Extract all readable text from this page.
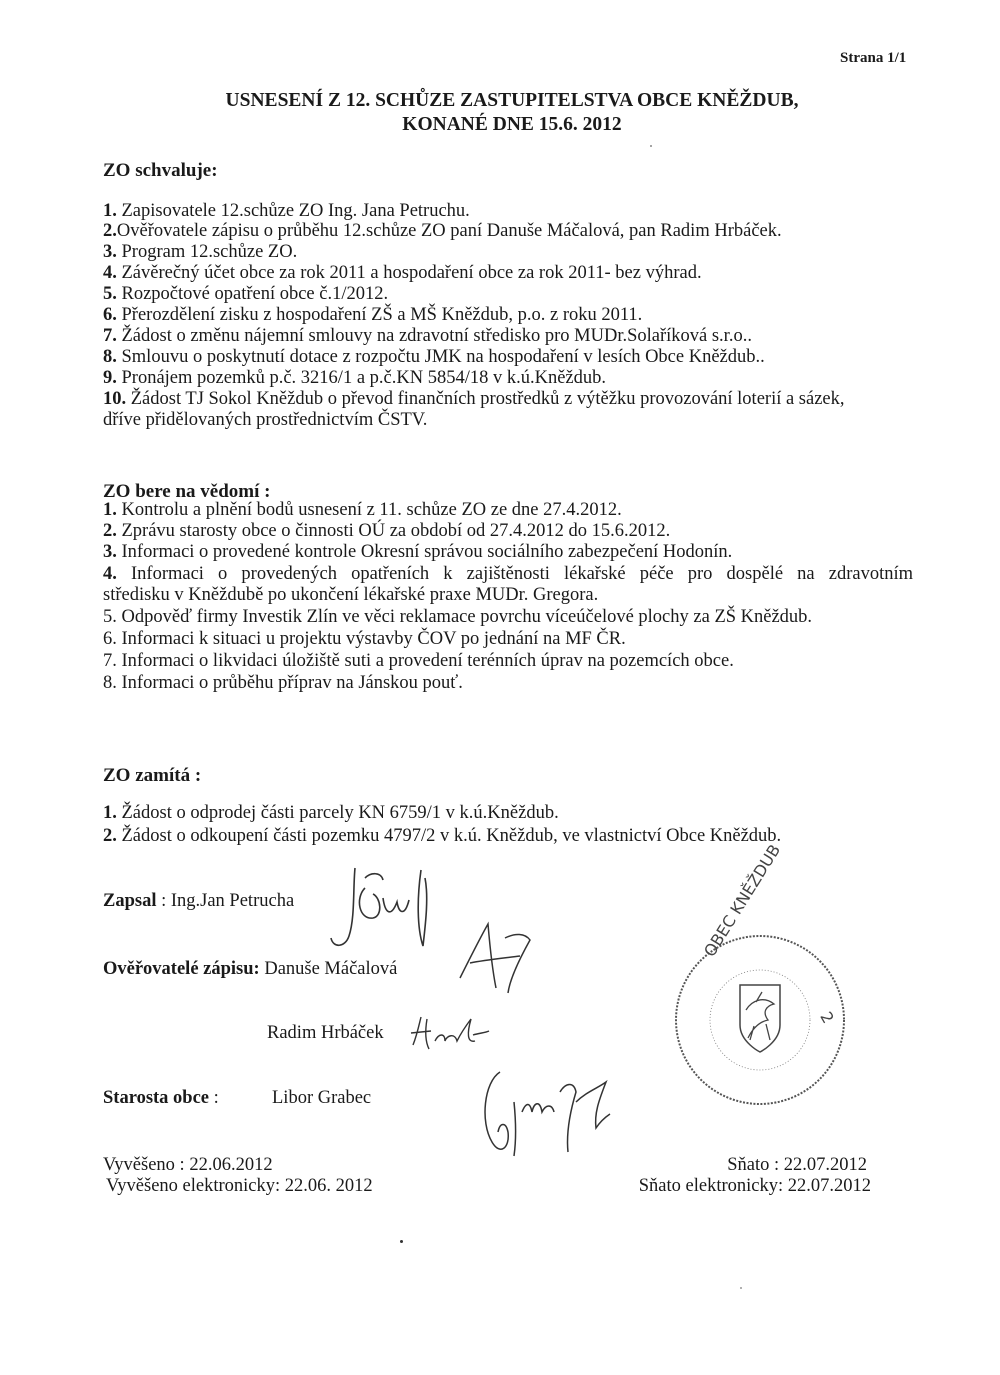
Strana 1/1
USNESENÍ Z 12. SCHŮZE ZASTUPITELSTVA OBCE KNĚŽDUB,
KONANÉ DNE 15.6. 2012
ZO schvaluje:
1. Zapisovatele 12.schůze ZO Ing. Jana Petruchu.
2.Ověřovatele zápisu o průběhu 12.schůze ZO paní Danuše Máčalová, pan Radim Hrbáček.
3. Program 12.schůze ZO.
4. Závěrečný účet obce za rok 2011 a hospodaření obce za rok 2011- bez výhrad.
5. Rozpočtové opatření obce č.1/2012.
6. Přerozdělení zisku z hospodaření ZŠ a MŠ Kněždub, p.o. z roku 2011.
7. Žádost o změnu nájemní smlouvy na zdravotní středisko pro MUDr.Solaříková s.r.o..
8. Smlouvu o poskytnutí dotace z rozpočtu JMK na hospodaření v lesích Obce Kněždub..
9. Pronájem pozemků p.č. 3216/1 a p.č.KN 5854/18 v k.ú.Kněždub.
10. Žádost TJ Sokol Kněždub o převod finančních prostředků z výtěžku provozování loterií a sázek,
dříve přidělovaných prostřednictvím ČSTV.
ZO bere na vědomí :
1. Kontrolu a plnění bodů usnesení z 11. schůze ZO ze dne 27.4.2012.
2. Zprávu starosty obce o činnosti OÚ za období od 27.4.2012 do 15.6.2012.
3. Informaci o provedené kontrole Okresní správou sociálního zabezpečení Hodonín.
4. Informaci o provedených opatřeních k zajištěnosti lékařské péče pro dospělé na zdravotním
středisku v Kněždubě po ukončení lékařské praxe MUDr. Gregora.
5. Odpověď firmy Investik Zlín ve věci reklamace povrchu víceúčelové plochy za ZŠ Kněždub.
6. Informaci k situaci u projektu výstavby ČOV po jednání na MF ČR.
7. Informaci o likvidaci úložiště suti a provedení terénních úprav na pozemcích obce.
8. Informaci o průběhu příprav na Jánskou pouť.
ZO zamítá :
1. Žádost o odprodej části parcely KN 6759/1 v k.ú.Kněždub.
2. Žádost o odkoupení části pozemku 4797/2 v k.ú. Kněždub, ve vlastnictví Obce Kněždub.
Zapsal : Ing.Jan Petrucha
Ověřovatelé zápisu: Danuše Máčalová
Radim Hrbáček
Starosta obce :	Libor Grabec
OBEC KNĚŽDUB
2
Vyvěšeno : 22.06.2012
Vyvěšeno elektronicky: 22.06. 2012
Sňato : 22.07.2012
Sňato elektronicky: 22.07.2012
